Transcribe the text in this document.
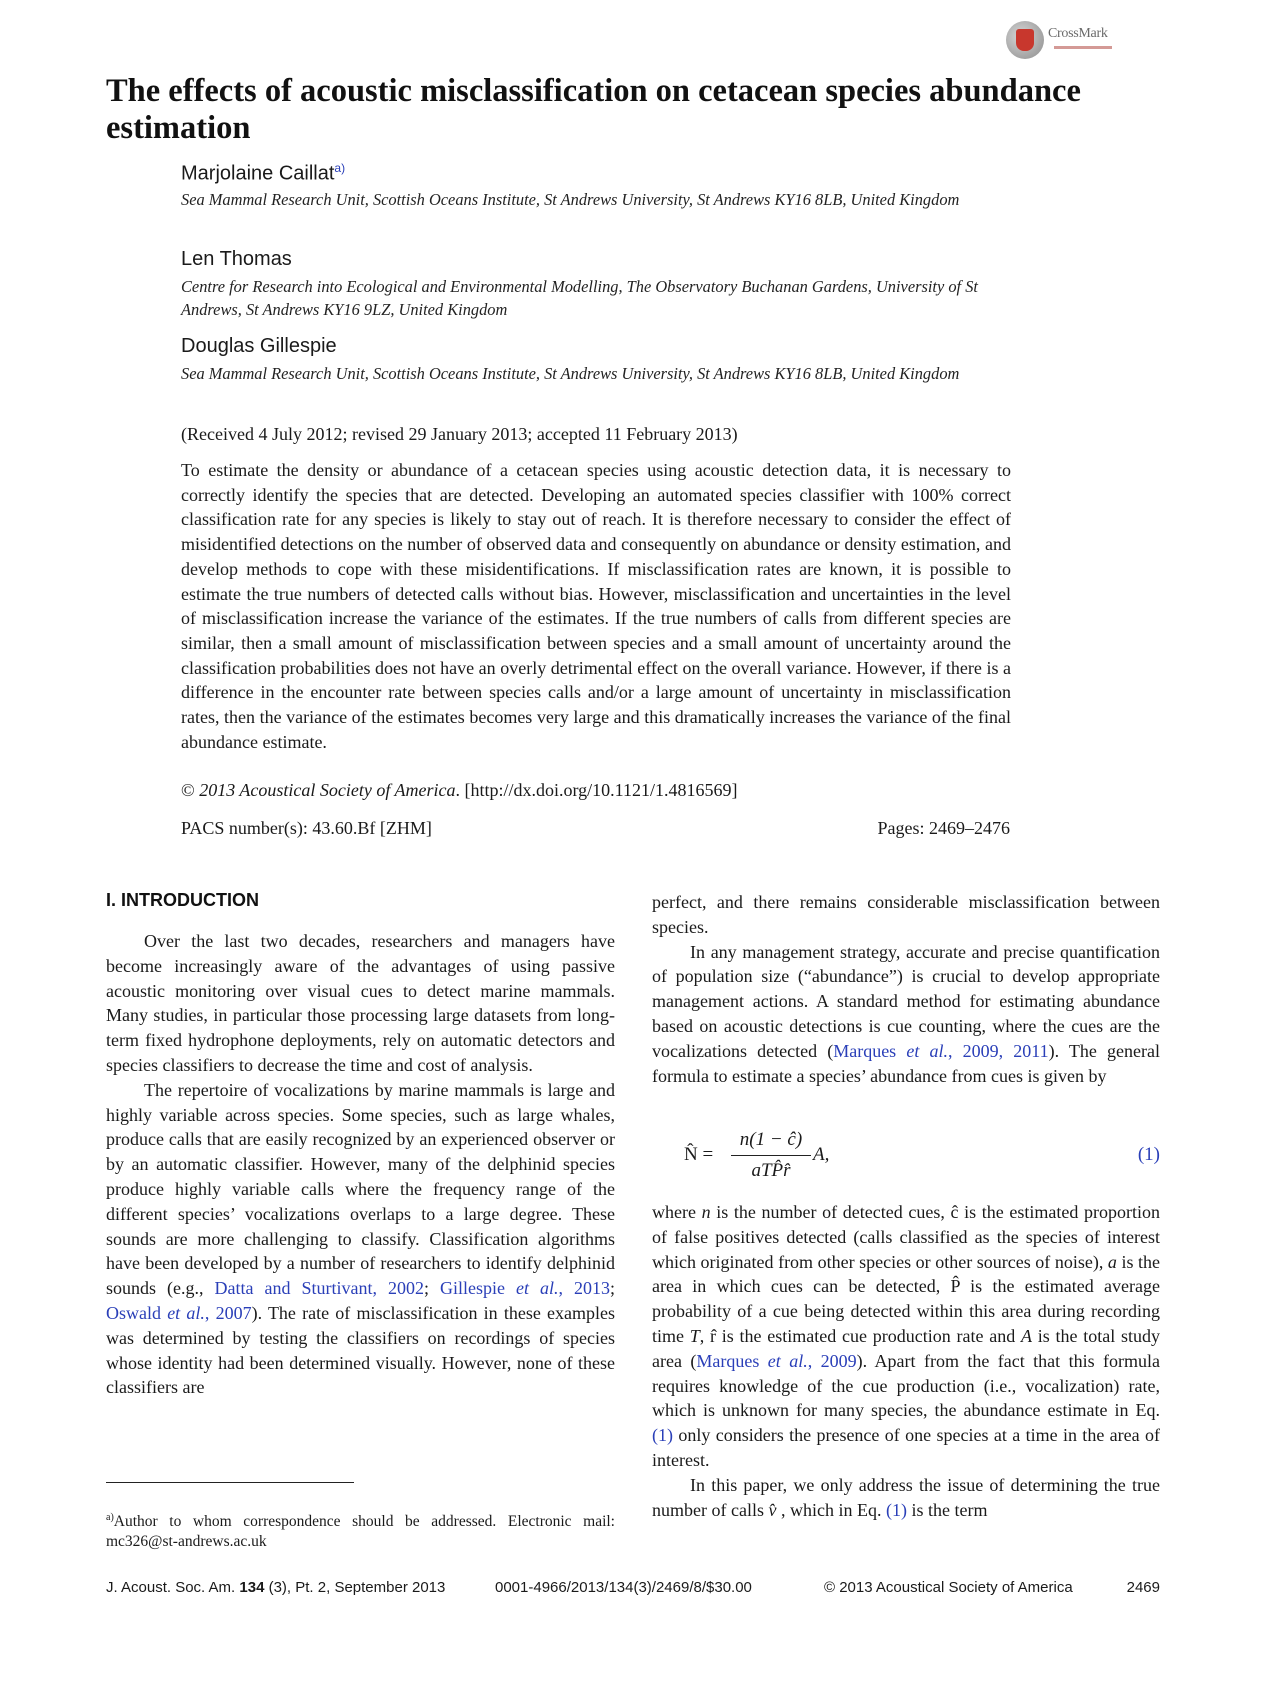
CrossMark
The effects of acoustic misclassification on cetacean species abundance estimation
Marjolaine Caillat$^{a)}$
Sea Mammal Research Unit, Scottish Oceans Institute, St Andrews University, St Andrews KY16 8LB, United Kingdom
Len Thomas
Centre for Research into Ecological and Environmental Modelling, The Observatory Buchanan Gardens, University of St Andrews, St Andrews KY16 9LZ, United Kingdom
Douglas Gillespie
Sea Mammal Research Unit, Scottish Oceans Institute, St Andrews University, St Andrews KY16 8LB, United Kingdom
(Received 4 July 2012; revised 29 January 2013; accepted 11 February 2013)

To estimate the density or abundance of a cetacean species using acoustic detection data, it is necessary to correctly identify the species that are detected. Developing an automated species classifier with 100% correct classification rate for any species is likely to stay out of reach. It is therefore necessary to consider the effect of misidentified detections on the number of observed data and consequently on abundance or density estimation, and develop methods to cope with these misidentifications. If misclassification rates are known, it is possible to estimate the true numbers of detected calls without bias. However, misclassification and uncertainties in the level of misclassification increase the variance of the estimates. If the true numbers of calls from different species are similar, then a small amount of misclassification between species and a small amount of uncertainty around the classification probabilities does not have an overly detrimental effect on the overall variance. However, if there is a difference in the encounter rate between species calls and/or a large amount of uncertainty in misclassification rates, then the variance of the estimates becomes very large and this dramatically increases the variance of the final abundance estimate.

© 2013 Acoustical Society of America. [http://dx.doi.org/10.1121/1.4816569]
PACS number(s): 43.60.Bf [ZHM]	Pages: 2469–2476
I. INTRODUCTION

Over the last two decades, researchers and managers have become increasingly aware of the advantages of using passive acoustic monitoring over visual cues to detect marine mammals. Many studies, in particular those processing large datasets from long-term fixed hydrophone deployments, rely on automatic detectors and species classifiers to decrease the time and cost of analysis.

The repertoire of vocalizations by marine mammals is large and highly variable across species. Some species, such as large whales, produce calls that are easily recognized by an experienced observer or by an automatic classifier. However, many of the delphinid species produce highly variable calls where the frequency range of the different species’ vocalizations overlaps to a large degree. These sounds are more challenging to classify. Classification algorithms have been developed by a number of researchers to identify delphinid sounds (e.g., Datta and Sturtivant, 2002; Gillespie et al., 2013; Oswald et al., 2007). The rate of misclassification in these examples was determined by testing the classifiers on recordings of species whose identity had been determined visually. However, none of these classifiers are

perfect, and there remains considerable misclassification between species.

In any management strategy, accurate and precise quantification of population size (“abundance”) is crucial to develop appropriate management actions. A standard method for estimating abundance based on acoustic detections is cue counting, where the cues are the vocalizations detected (Marques et al., 2009, 2011). The general formula to estimate a species’ abundance from cues is given by

N̂ =
n(1 − ĉ)
aTP̂r̂
A,	(1)

where n is the number of detected cues, ĉ is the estimated proportion of false positives detected (calls classified as the species of interest which originated from other species or other sources of noise), a is the area in which cues can be detected, P̂ is the estimated average probability of a cue being detected within this area during recording time T, r̂ is the estimated cue production rate and A is the total study area (Marques et al., 2009). Apart from the fact that this formula requires knowledge of the cue production (i.e., vocalization) rate, which is unknown for many species, the abundance estimate in Eq. (1) only considers the presence of one species at a time in the area of interest.

In this paper, we only address the issue of determining the true number of calls v̂ , which in Eq. (1) is the term

$^{a)}$Author to whom correspondence should be addressed. Electronic mail: mc326@st-andrews.ac.uk
J. Acoust. Soc. Am. 134 (3), Pt. 2, September 2013	0001-4966/2013/134(3)/2469/8/$30.00	© 2013 Acoustical Society of America	2469
